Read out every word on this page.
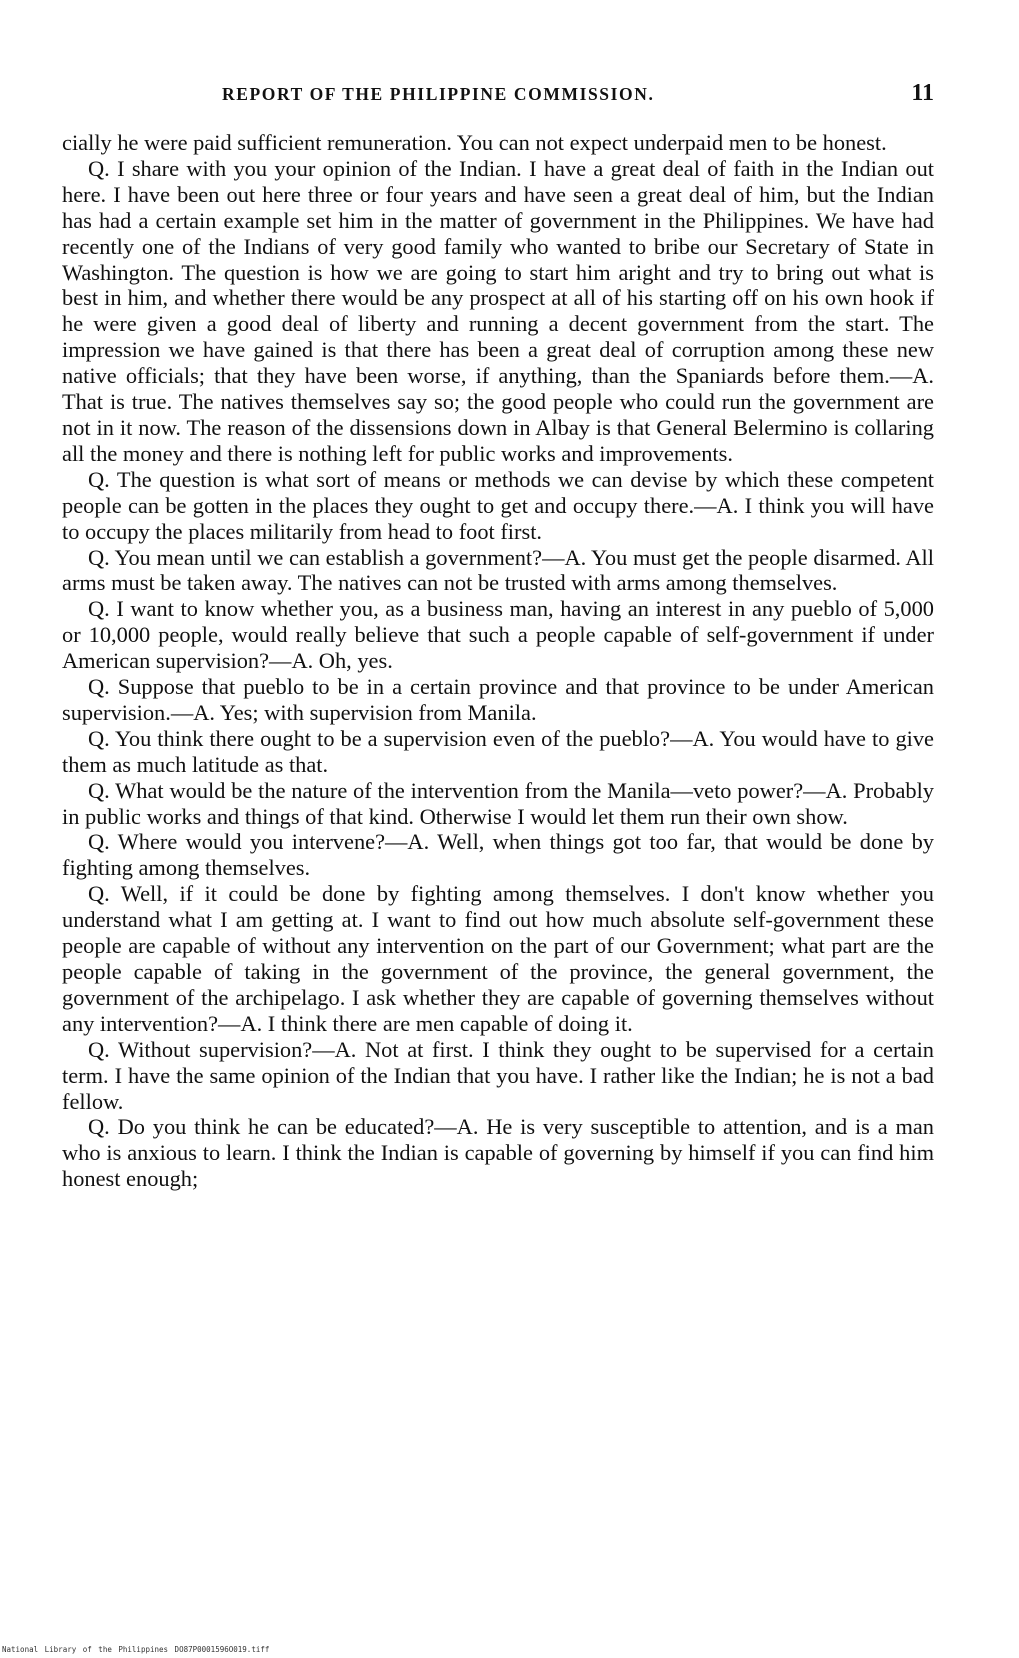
REPORT OF THE PHILIPPINE COMMISSION.	11

cially he were paid sufficient remuneration. You can not expect underpaid men to be honest.

Q. I share with you your opinion of the Indian. I have a great deal of faith in the Indian out here. I have been out here three or four years and have seen a great deal of him, but the Indian has had a certain example set him in the matter of government in the Philippines. We have had recently one of the Indians of very good family who wanted to bribe our Secretary of State in Washington. The question is how we are going to start him aright and try to bring out what is best in him, and whether there would be any prospect at all of his starting off on his own hook if he were given a good deal of liberty and running a decent government from the start. The impression we have gained is that there has been a great deal of corruption among these new native officials; that they have been worse, if anything, than the Spaniards before them.—A. That is true. The natives themselves say so; the good people who could run the government are not in it now. The reason of the dissensions down in Albay is that General Belermino is collaring all the money and there is nothing left for public works and improvements.

Q. The question is what sort of means or methods we can devise by which these competent people can be gotten in the places they ought to get and occupy there.—A. I think you will have to occupy the places militarily from head to foot first.

Q. You mean until we can establish a government?—A. You must get the people disarmed. All arms must be taken away. The natives can not be trusted with arms among themselves.

Q. I want to know whether you, as a business man, having an interest in any pueblo of 5,000 or 10,000 people, would really believe that such a people capable of self-government if under American supervision?—A. Oh, yes.

Q. Suppose that pueblo to be in a certain province and that province to be under American supervision.—A. Yes; with supervision from Manila.

Q. You think there ought to be a supervision even of the pueblo?—A. You would have to give them as much latitude as that.

Q. What would be the nature of the intervention from the Manila—veto power?—A. Probably in public works and things of that kind. Otherwise I would let them run their own show.

Q. Where would you intervene?—A. Well, when things got too far, that would be done by fighting among themselves.

Q. Well, if it could be done by fighting among themselves. I don't know whether you understand what I am getting at. I want to find out how much absolute self-government these people are capable of without any intervention on the part of our Government; what part are the people capable of taking in the government of the province, the general government, the government of the archipelago. I ask whether they are capable of governing themselves without any intervention?—A. I think there are men capable of doing it.

Q. Without supervision?—A. Not at first. I think they ought to be supervised for a certain term. I have the same opinion of the Indian that you have. I rather like the Indian; he is not a bad fellow.

Q. Do you think he can be educated?—A. He is very susceptible to attention, and is a man who is anxious to learn. I think the Indian is capable of governing by himself if you can find him honest enough;

National Library of the Philippines DO87P0001596O019.tiff
